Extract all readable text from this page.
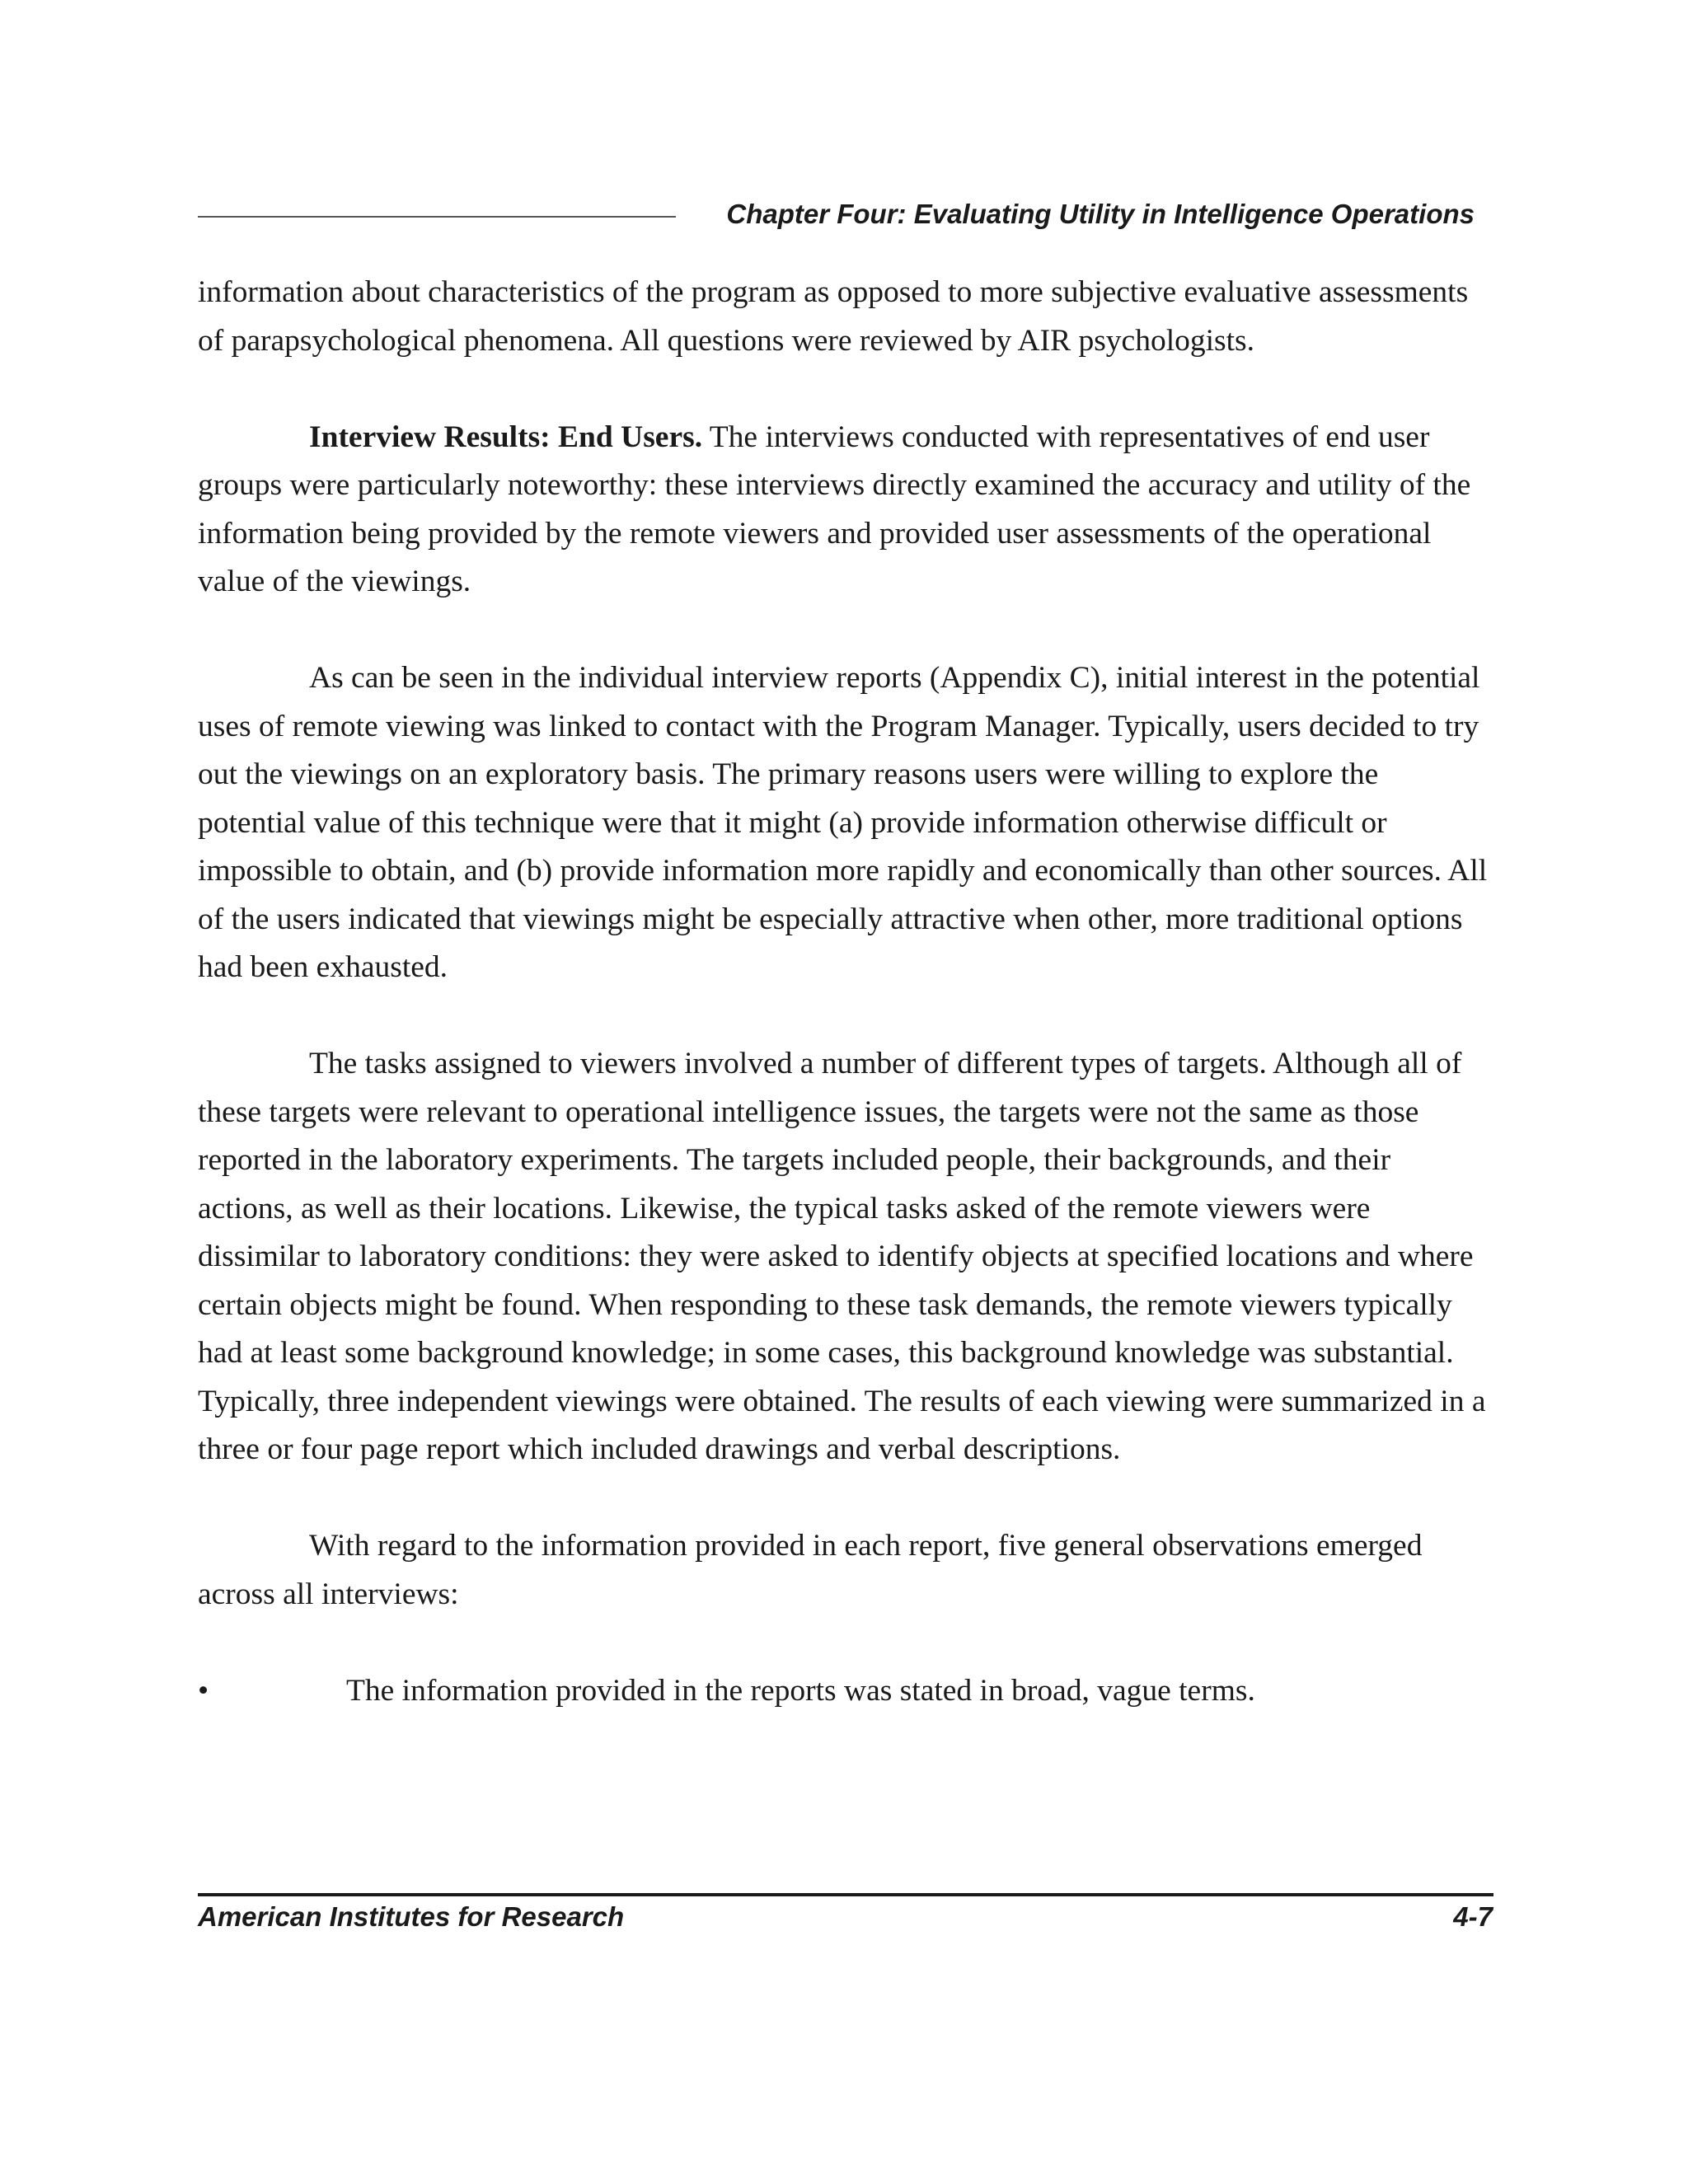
Chapter Four: Evaluating Utility in Intelligence Operations

information about characteristics of the program as opposed to more subjective evaluative assessments of parapsychological phenomena. All questions were reviewed by AIR psychologists.

Interview Results: End Users. The interviews conducted with representatives of end user groups were particularly noteworthy: these interviews directly examined the accuracy and utility of the information being provided by the remote viewers and provided user assessments of the operational value of the viewings.

As can be seen in the individual interview reports (Appendix C), initial interest in the potential uses of remote viewing was linked to contact with the Program Manager. Typically, users decided to try out the viewings on an exploratory basis. The primary reasons users were willing to explore the potential value of this technique were that it might (a) provide information otherwise difficult or impossible to obtain, and (b) provide information more rapidly and economically than other sources. All of the users indicated that viewings might be especially attractive when other, more traditional options had been exhausted.

The tasks assigned to viewers involved a number of different types of targets. Although all of these targets were relevant to operational intelligence issues, the targets were not the same as those reported in the laboratory experiments. The targets included people, their backgrounds, and their actions, as well as their locations. Likewise, the typical tasks asked of the remote viewers were dissimilar to laboratory conditions: they were asked to identify objects at specified locations and where certain objects might be found. When responding to these task demands, the remote viewers typically had at least some background knowledge; in some cases, this background knowledge was substantial. Typically, three independent viewings were obtained. The results of each viewing were summarized in a three or four page report which included drawings and verbal descriptions.

With regard to the information provided in each report, five general observations emerged across all interviews:

•	The information provided in the reports was stated in broad, vague terms.
American Institutes for Research	4-7
